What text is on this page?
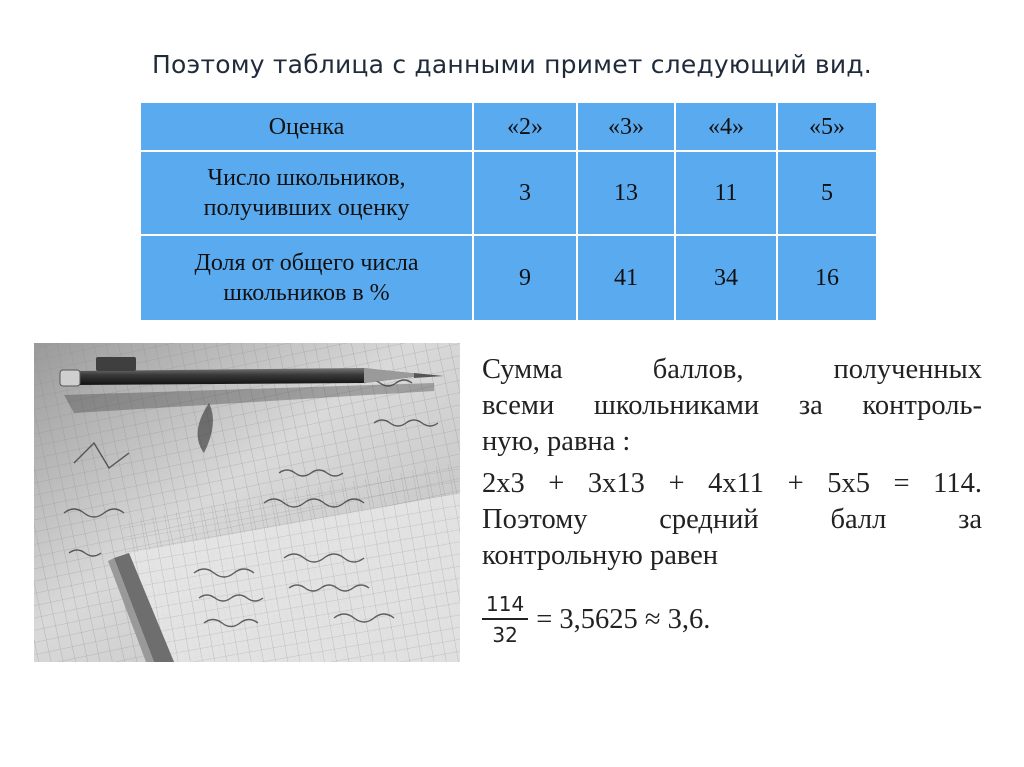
Поэтому таблица с данными примет следующий вид.
Оценка	«2»	«3»	«4»	«5»
Число школьников,
получивших оценку	3	13	11	5
Доля от общего числа
школьников в %	9	41	34	16
Сумма	баллов,	полученных
всеми школьниками за контроль-
ную, равна :
2х3 + 3х13 + 4х11 + 5х5 = 114.
Поэтому	средний	балл	за
контрольную равен
$\frac{114}{32} = 3,5625 \approx 3,6$.
